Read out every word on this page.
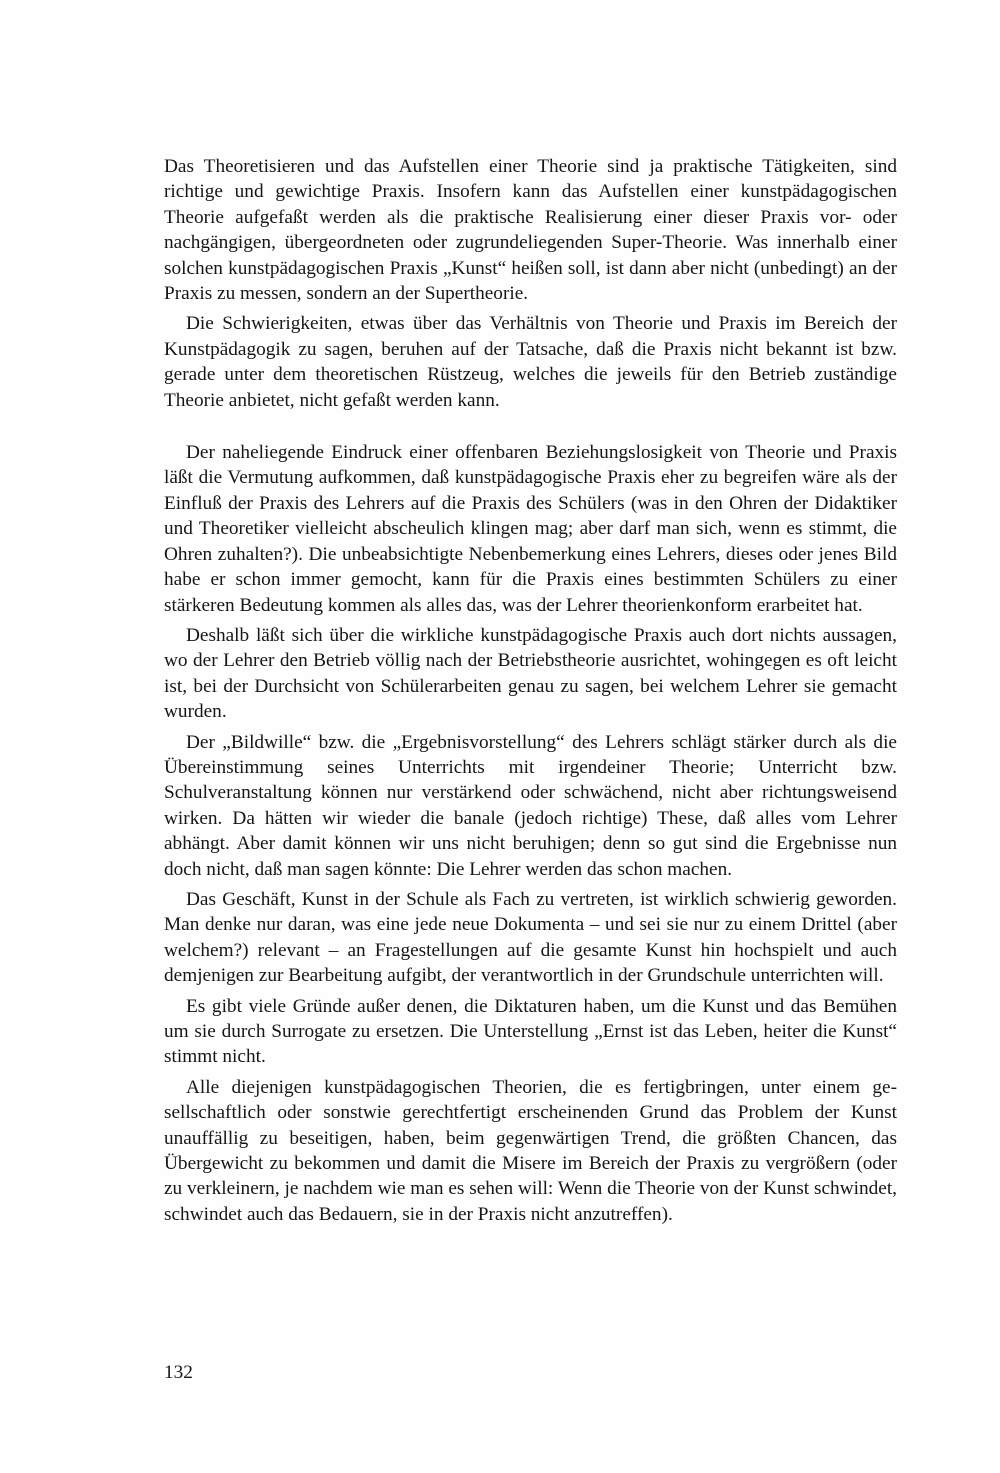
Das Theoretisieren und das Aufstellen einer Theorie sind ja praktische Tätigkeiten, sind richtige und gewichtige Praxis. Insofern kann das Aufstellen einer kunstpädagogischen Theorie aufgefaßt werden als die praktische Realisierung einer dieser Praxis vor- oder nachgängigen, übergeordneten oder zugrundeliegenden Super-Theorie. Was innerhalb einer solchen kunstpädagogischen Praxis „Kunst“ heißen soll, ist dann aber nicht (unbedingt) an der Praxis zu messen, sondern an der Supertheorie.

Die Schwierigkeiten, etwas über das Verhältnis von Theorie und Praxis im Bereich der Kunstpädagogik zu sagen, beruhen auf der Tatsache, daß die Praxis nicht bekannt ist bzw. gerade unter dem theoretischen Rüstzeug, welches die jeweils für den Betrieb zuständige Theorie anbietet, nicht gefaßt werden kann.

Der naheliegende Eindruck einer offenbaren Beziehungslosigkeit von Theorie und Praxis läßt die Vermutung aufkommen, daß kunstpädagogische Praxis eher zu begreifen wäre als der Einfluß der Praxis des Lehrers auf die Praxis des Schülers (was in den Ohren der Didaktiker und Theoretiker vielleicht abscheulich klingen mag; aber darf man sich, wenn es stimmt, die Ohren zuhalten?). Die unbeabsichtigte Nebenbemerkung eines Lehrers, dieses oder jenes Bild habe er schon immer gemocht, kann für die Praxis eines bestimmten Schülers zu einer stärkeren Bedeutung kommen als alles das, was der Lehrer theorienkonform erarbeitet hat.

Deshalb läßt sich über die wirkliche kunstpädagogische Praxis auch dort nichts aussagen, wo der Lehrer den Betrieb völlig nach der Betriebstheorie ausrichtet, wohingegen es oft leicht ist, bei der Durchsicht von Schülerarbeiten genau zu sagen, bei welchem Lehrer sie gemacht wurden.

Der „Bildwille“ bzw. die „Ergebnisvorstellung“ des Lehrers schlägt stärker durch als die Übereinstimmung seines Unterrichts mit irgendeiner Theorie; Unterricht bzw. Schulveranstaltung können nur verstärkend oder schwächend, nicht aber richtungsweisend wirken. Da hätten wir wieder die banale (jedoch richtige) These, daß alles vom Lehrer abhängt. Aber damit können wir uns nicht beruhigen; denn so gut sind die Ergebnisse nun doch nicht, daß man sagen könnte: Die Lehrer werden das schon machen.

Das Geschäft, Kunst in der Schule als Fach zu vertreten, ist wirklich schwierig geworden. Man denke nur daran, was eine jede neue Dokumenta – und sei sie nur zu einem Drittel (aber welchem?) relevant – an Fragestellungen auf die gesamte Kunst hin hochspielt und auch demjenigen zur Bearbeitung aufgibt, der verantwortlich in der Grundschule unterrichten will.

Es gibt viele Gründe außer denen, die Diktaturen haben, um die Kunst und das Bemühen um sie durch Surrogate zu ersetzen. Die Unterstellung „Ernst ist das Leben, heiter die Kunst“ stimmt nicht.

Alle diejenigen kunstpädagogischen Theorien, die es fertigbringen, unter einem gesellschaftlich oder sonstwie gerechtfertigt erscheinenden Grund das Problem der Kunst unauffällig zu beseitigen, haben, beim gegenwärtigen Trend, die größten Chancen, das Übergewicht zu bekommen und damit die Misere im Bereich der Praxis zu vergrößern (oder zu verkleinern, je nachdem wie man es sehen will: Wenn die Theorie von der Kunst schwindet, schwindet auch das Bedauern, sie in der Praxis nicht anzutreffen).

132
